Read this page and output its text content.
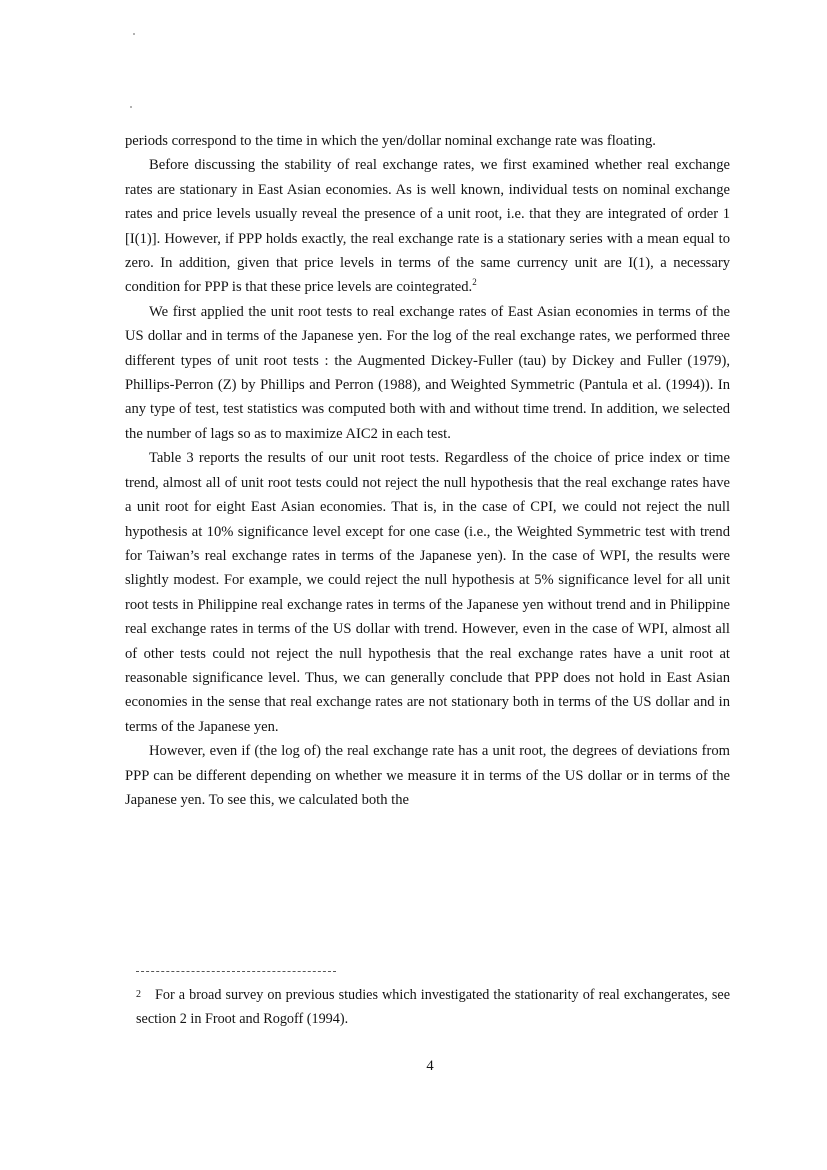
periods correspond to the time in which the yen/dollar nominal exchange rate was floating.

Before discussing the stability of real exchange rates, we first examined whether real exchange rates are stationary in East Asian economies. As is well known, individual tests on nominal exchange rates and price levels usually reveal the presence of a unit root, i.e. that they are integrated of order 1 [I(1)]. However, if PPP holds exactly, the real exchange rate is a stationary series with a mean equal to zero. In addition, given that price levels in terms of the same currency unit are I(1), a necessary condition for PPP is that these price levels are cointegrated.$^2$

We first applied the unit root tests to real exchange rates of East Asian economies in terms of the US dollar and in terms of the Japanese yen. For the log of the real exchange rates, we performed three different types of unit root tests : the Augmented Dickey-Fuller (tau) by Dickey and Fuller (1979), Phillips-Perron (Z) by Phillips and Perron (1988), and Weighted Symmetric (Pantula et al. (1994)). In any type of test, test statistics was computed both with and without time trend. In addition, we selected the number of lags so as to maximize AIC2 in each test.

Table 3 reports the results of our unit root tests. Regardless of the choice of price index or time trend, almost all of unit root tests could not reject the null hypothesis that the real exchange rates have a unit root for eight East Asian economies. That is, in the case of CPI, we could not reject the null hypothesis at 10% significance level except for one case (i.e., the Weighted Symmetric test with trend for Taiwan’s real exchange rates in terms of the Japanese yen). In the case of WPI, the results were slightly modest. For example, we could reject the null hypothesis at 5% significance level for all unit root tests in Philippine real exchange rates in terms of the Japanese yen without trend and in Philippine real exchange rates in terms of the US dollar with trend. However, even in the case of WPI, almost all of other tests could not reject the null hypothesis that the real exchange rates have a unit root at reasonable significance level. Thus, we can generally conclude that PPP does not hold in East Asian economies in the sense that real exchange rates are not stationary both in terms of the US dollar and in terms of the Japanese yen.

However, even if (the log of) the real exchange rate has a unit root, the degrees of deviations from PPP can be different depending on whether we measure it in terms of the US dollar or in terms of the Japanese yen. To see this, we calculated both the

2 For a broad survey on previous studies which investigated the stationarity of real exchangerates, see section 2 in Froot and Rogoff (1994).
4
